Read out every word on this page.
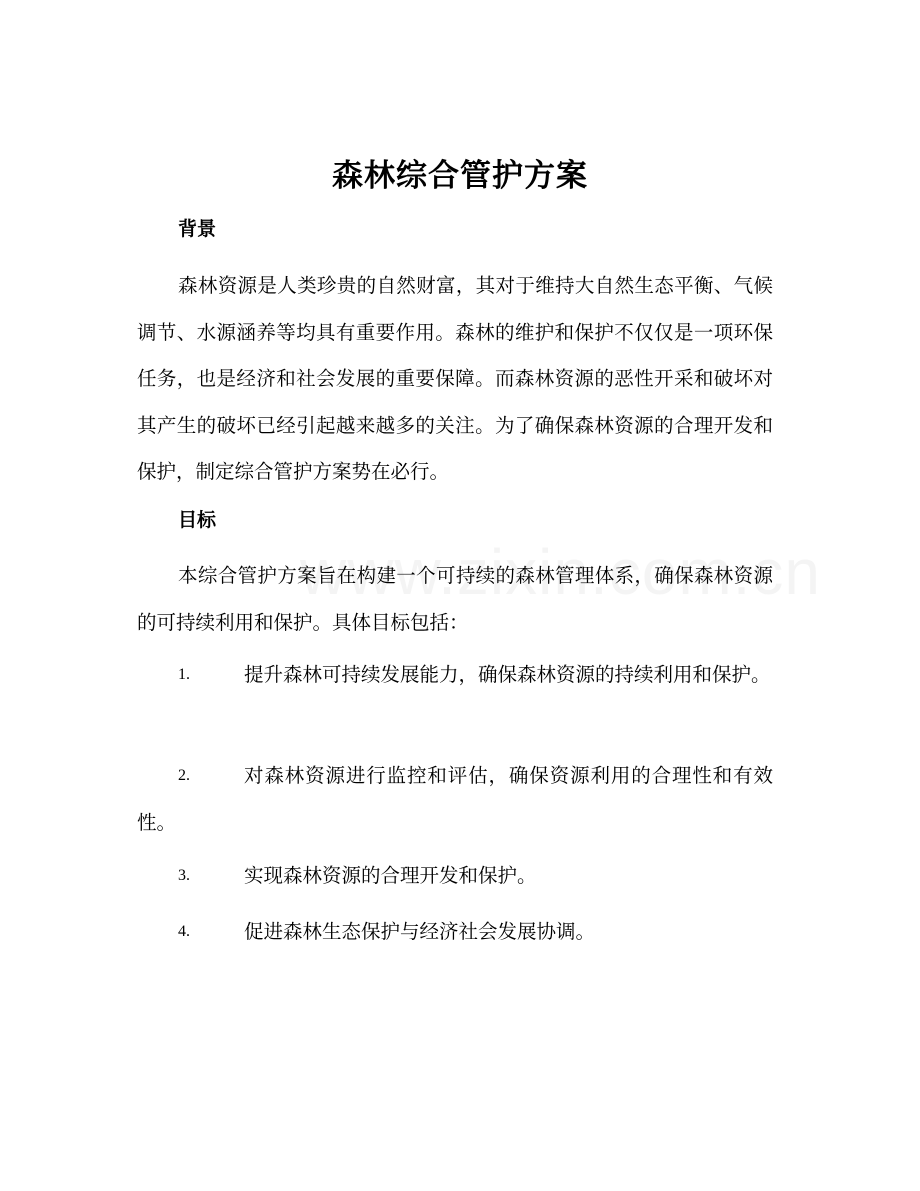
森林综合管护方案
背景
森林资源是人类珍贵的自然财富，其对于维持大自然生态平衡、气候调节、水源涵养等均具有重要作用。森林的维护和保护不仅仅是一项环保任务，也是经济和社会发展的重要保障。而森林资源的恶性开采和破坏对其产生的破坏已经引起越来越多的关注。为了确保森林资源的合理开发和保护，制定综合管护方案势在必行。
目标
本综合管护方案旨在构建一个可持续的森林管理体系，确保森林资源的可持续利用和保护。具体目标包括：
1.	提升森林可持续发展能力，确保森林资源的持续利用和保护。
2.	对森林资源进行监控和评估，确保资源利用的合理性和有效性。
3.	实现森林资源的合理开发和保护。
4.	促进森林生态保护与经济社会发展协调。
